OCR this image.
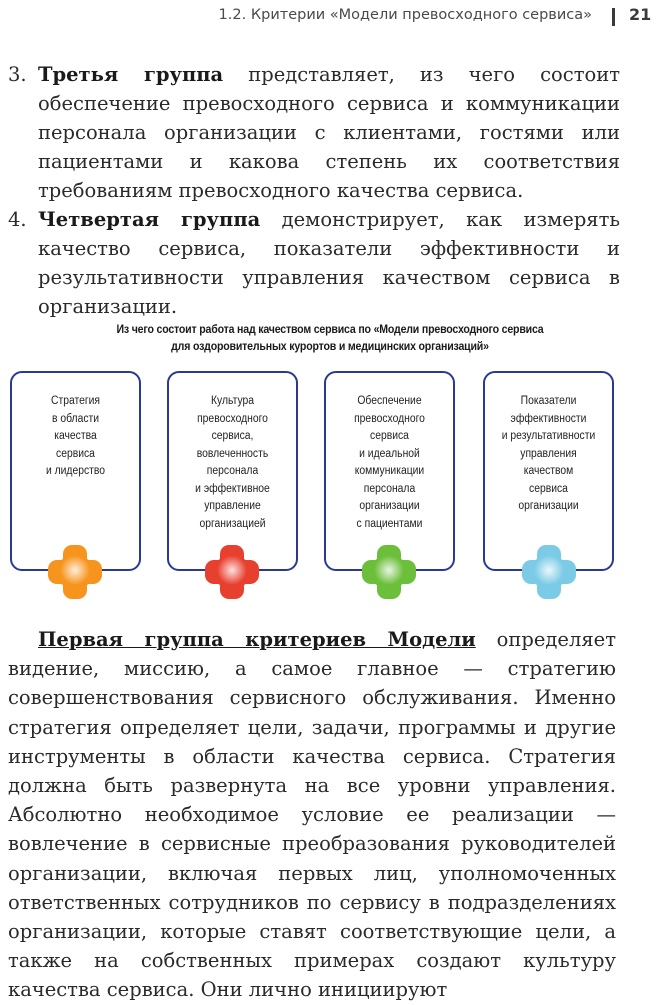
1.2. Критерии «Модели превосходного сервиса» 21
3. Третья группа представляет, из чего состоит обеспечение превосходного сервиса и коммуникации персонала организации с клиентами, гостями или пациентами и какова степень их соответствия требованиям превосходного качества сервиса.
4. Четвертая группа демонстрирует, как измерять качество сервиса, показатели эффективности и результативности управления качеством сервиса в организации.
Из чего состоит работа над качеством сервиса по «Модели превосходного сервиса
для оздоровительных курортов и медицинских организаций»
Стратегия
в области
качества
сервиса
и лидерство
Культура
превосходного
сервиса,
вовлеченность
персонала
и эффективное
управление
организацией
Обеспечение
превосходного
сервиса
и идеальной
коммуникации
персонала
организации
с пациентами
Показатели
эффективности
и результативности
управления
качеством
сервиса
организации
Первая группа критериев Модели определяет видение, миссию, а самое главное — стратегию совершенствования сервисного обслуживания. Именно стратегия определяет цели, задачи, программы и другие инструменты в области качества сервиса. Стратегия должна быть развернута на все уровни управления. Абсолютно необходимое условие ее реализации — вовлечение в сервисные преобразования руководителей организации, включая первых лиц, уполномоченных ответственных сотрудников по сервису в подразделениях организации, которые ставят соответствующие цели, а также на собственных примерах создают культуру качества сервиса. Они лично инициируют
